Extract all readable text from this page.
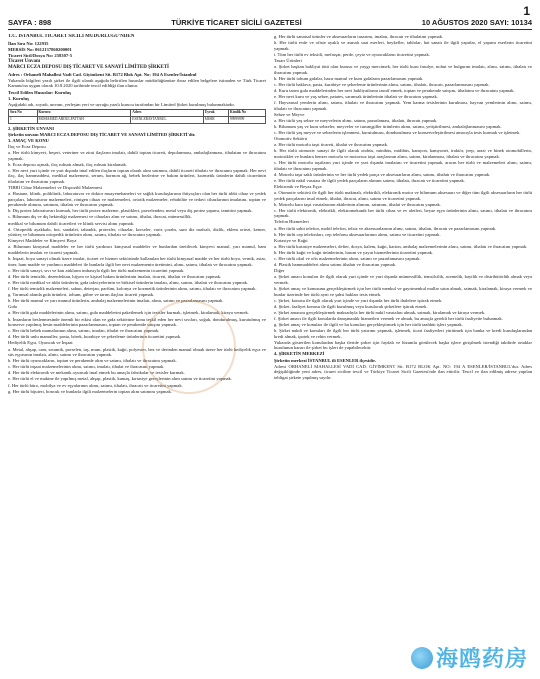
1
SAYFA : 898	TÜRKİYE TİCARET SİCİLİ GAZETESİ	10 AĞUSTOS 2020 SAYI: 10134

T.C. İSTANBUL TİCARET SİCİLİ MÜDÜRLÜĞÜ'NDEN

İlan Sıra No: 122935

MERSİS No: 0612137860200001

Ticaret Sicil/Dosya No: 258307-5

Ticaret Unvanı

MARCI ECZA DEPOSU DIŞ TİCARET VE SANAYİ LİMİTED ŞİRKETİ

Adres : Orhaneli Mahallesi Vadi Cad. Giyimkent Sit. B172 Blok Apt. No: 194 A Esenler/İstanbul

Yukarıda bilgileri yazılı şirket ile ilgili olarak aşağıda belirtilen hususlar müdürlüğümüze ibraz edilen belgelere istinaden ve Türk Ticaret Kanunu'na uygun olarak 10.8.2020 tarihinde tescil edildiği ilan olunur.

Tescil Edilen Hususlar: Kuruluş

1. Kuruluş

Aşağıdaki adı, soyadı, unvanı, yerleşim yeri ve uyruğu yazılı kurucu tarafından bir Limited Şirket kurulmuş bulunmaktadır.

Sıra No	Kurucu	Adres	Uyruk	Kimlik No
1	MOHAMED ABDULFATTAH	ESENLER/İSTANBUL	MISIR	99999999

2. ŞİRKETİN UNVANI

Şirketin unvanı MARCI ECZA DEPOSU DIŞ TİCARET VE SANAYİ LİMİTED ŞİRKETİ'dir.

3. AMAÇ VE KONU

İlaç ve Ecza Deposu

a. Her türlü kimyevi, beşeri, veteriner ve zirai ilaçların imalatı, dahili toptan ticareti, depolanması, ambalajlanması, ithalatını ve ihracatını yapmak.

b. Ecza deposu açmak, ilaç ruhsatı almak, ilaç ruhsatı kiralamak.

c. Her nevi yurt içinde ve yurt dışında imal edilen ilaçların toptan olarak alım satımını, dahili ticareti ithalatı ve ihracatını yapmak. Her nevi ilaç, ilaç hammaddesi, medikal malzemesi, serum, hormon ağ, bebek bezlerine ve bakım ürünleri, kozmetik ürünlerin dahili ticaretinin ithalatını ve ihracatını yapmak.

TIBBİ Cihaz Malzemeleri ve Dispozibl Malzemesi

a. Hastane, klinik, poliklinik, laboratuvar ve doktor muayenehaneleri ve sağlık kuruluşlarının ihtiyaçları olan her türlü tıbbi cihaz ve yedek parçaları, laboratuvar malzemeleri, röntgen cihazı ve malzemeleri, ortotik malzemeler, rehabilite ve tedavi cihazlarının imalatını, toptan ve perakende alımını, satımını, ithalatı ve ihracatını yapmak.

b. Diş protez laboratuvarı kurmak, her türlü protez malzeme, plastikleri, porselenden, metal veya diş protez yapımı, tamirini yapmak.

c. Bilumum diş ve diş hekimliği malzemesi ve cihazları alım ve satımı, ithalat, ihracat, mümessillik.

medikal ve bilumum dahili ticaretleri ve klinik servisi alımı yapmak.

d. Ortopedik ayakkabı, bot, sandalet, tabanlık, protezler, cihazlar, korseler, varis çorabı, suni diz mafsalı, dizlik, eklem ortezi, kemer, yürüteç ve bilumum ortopedik ürünlerin alımı, satımı, ithalatı ve ihracatını yapmak.

Kimyevi Maddeler ve Kimyevi Boya

a. Bilumum kimyasal maddeler ve her türlü yardımcı kimyasal maddeler ve bunlardan üretilecek kimyevi mamul, yarı mamul, ham maddelerin imalatı ve ticareti yapmak.

b. Inşaat, boya sanayi olmak üzere imalat, ticaret ve hizmet sektöründe kullanılan her türlü kimyasal madde ve her türlü boya, vernik, astar, tiner, ham madde ve yardımcı maddeleri ile bunlarla ilgili her nevi malzemenin üretimini, alımı, satımı, ithalatı ve ihracatını yapmak.

c. Her türlü sanayi, sıvı ve katı atıkların imhasıyla ilgili her türlü malzemenin ticaretini yapmak.

d. Her türlü temizlik, dezenfektan, hijyen ve kişisel bakım ürünlerinin imalatı, ticareti, ithalatı ve ihracatını yapmak.

e. Her türlü medikal ve tıbbi ürünlerin, gıda takviyelerinin ve bitkisel ürünlerin imalatı, alımı, satımı, ithalatı ve ihracatını yapmak.

f. Her türlü temizlik malzemeleri, sabun, deterjan, parfüm, kolonya ve kozmetik ürünlerinin alımı, satımı, ithalatı ve ihracatını yapmak.

g. Tarımsal alanda gıda ürünleri, tohum, gübre ve tarım ilaçları ticareti yapmak.

h. Her türlü mamul ve yarı mamul ürünlerin, ambalaj malzemelerinin imalatı, alımı, satımı ve pazarlamasını yapmak.

Gıda

a. Her türlü gıda maddelerinin alımı, satımı, gıda maddelerini paketlemek için tesisler kurmak, işletmek, kiralamak, kiraya vermek.

b. İnsanların beslenmesinde önemli bir etkisi olan ve gıda sektörüne konu teşkil eden her nevi sıvıları, soğuk, dondurulmuş, kurutulmuş ve konserve yapılmış besin maddelerinin pazarlanmasını, toptan ve perakende satışını yapmak.

c. Her türlü bebek mamalarının alımı, satımı, imalatı, ithalat ve ihracatını yapmak.

d. Her türlü unlu mamuller, pasta, börek, kurabiye ve şekerleme ürünlerinin ticaretini yapmak.

Hediyelik Eşya, Oyuncak ve İnşaat

a. Metal, ahşap, cam, seramik, porselen, taş, mum, plastik, kağıt, polyester, bez ve derinden mamul olmak üzere her türlü hediyelik eşya ve süs eşyasının imalatı, alımı, satımı ve ihracatını yapmak.

b. Her türlü oyuncakların, toptan ve perakende alım ve satımı, ithalatı ve ihracatını yapmak.

c. Her türlü inşaat malzemelerinin alımı, satımı, imalatı, ithalat ve ihracatını yapmak.

d. Her türlü elektronik ve mekanik oyuncak imal etmek bu amaçla fabrikalar ve tesisler kurmak.

e. Her türlü el ve makine ile yapılmış metal, ahşap, plastik, kumaş, kırtasiye gereçlerinin alım satımı ve ticaretini yapmak.

f. Her türlü büro, mobilya ve ev eşyalarının alımı, satımı, ithalatı, ihracatı ve ticaretini yapmak.

g. Her türlü bijuteri, boncuk ve bunlarla ilgili malzemelerin toptan alım satımını yapmak.

g. Her türlü sanatsal ürünler ve aksesuarların tasarımı, imalatı, ihracatı ve ithalatını yapmak.

h. Her türlü evde ve ofiste ayaklı ve asmalı saat eserleri, heykeller, tablolar, hat sanatı ile ilgili yapıtlar, el yapımı eserlerin ticaretini yapmak.

i. Tüm her türlü ev tekstili, mefruşat, perde, çeyiz ve oyuncakların ticaretini yapmak.

Tasarı Ürünleri

a. Şirket başkan bakliyat tütü olan kurusu ve yaygı mercimek, her türlü kuru fasulye, nohut ve bulgurun imalatı, alımı, satımı, ithalatı ve ihracatını yapmak.

b. Her türlü tohum gıdalar, hazır mamul ve kuru gıdaların pazarlamasını yapmak.

c. Her türlü baklava, pasta, kurabiye ve şekerleme ürünlerinin alımı, satımı, ithalatı, ihracatı, pazarlanmasını yapmak.

d. Kuru tarım gıda maddelerinden her nevi bakliyatlarını tasnif etmek, toptan ve perakende satışını, ithalatını ve ihracatını yapmak.

e. Her nevi kuru ve yaş sebze, patates, sarımsak ürünlerinin ithalatı ve ihracatını yapmak.

f. Hayvansal yemlerin alımı, satımı, ithalatı ve ihracatını yapmak. Yem karma tesislerinin kurulması, hayvan yemlerinin alımı, satımı, ithalatı ve ihracatını yapmak.

Sebze ve Meyve

a. Her türlü yaş sebze ve meyvelerin alımı, satımı, pazarlaması, ithalatı, ihracatı yapmak.

b. Bilumum yaş ve kuru sebzeler, meyveler ve turunçgiller ürünlerin alımı, satımı, yetiştirilmesi, ambalajlanmasını yapmak.

c. Her türlü yaş meyve ve sebzelerin işlenmesi, kurutulması, dondurulması ve konserveleştirilmesi amacıyla tesis kurmak ve işletmek.

Otomotiv Sektörü

a. Her türlü motorlu taşıt ticareti, ithalat ve ihracatını yapmak.

b. Her türlü otomotiv sanayi ile ilgili olarak otobüs, minibüs, midibüs, kamyon, kamyonet, traktör, jeep, arazi ve binek otomobillerin, motosiklet ve bunlara benzer motorlu ve motorsuz taşıt araçlarının alımı, satımı, kiralanması, ithalatı ve ihracatını yapmak.

c. Her türlü motorlu taşıtların yurt içinde ve yurt dışında imalatını ve ticaretini yapmak, aracın her türlü ve malzemeleri alımı, satımı, ithalatı ve ihracatını yapmak.

d. Motorlu taşıt saklı ürünlerinin ve her türlü yedek parça ve aksesuarların alımı, satımı, ithalatı ve ihracatını yapmak.

e. Her türlü nakil vasıtası ile ilgili yedek parçaların alımını satımı, ithalatı, ihracatı ve ticaretini yapmak.

Elektronik ve Beyaz Eşya

a. Otomotiv sektörü ile ilgili her türlü makinalı, elektrikli, elektronik motor ve bilumum aksesuarı ve diğer tüm ilgili aksesuarların her türlü yedek parçalarını imal etmek, ithalat, ihracat, alımı, satımı ve ticaretini yapmak.

b. Motorlu kara taşıt vasıtalarının akülerinin alımını, satımını, ithalat ve ihracatını yapmak.

c. Her türlü elektronik, elektrikli, elektromekanik her türlü cihaz ve ev aletleri, beyaz eşya ürünlerinin alımı, satımı, ithalatı ve ihracatını yapmak.

Telefon Hizmetleri

a. Her türlü sabit telefon, mobil telefon, telsiz ve aksesuarlarının alımı, satımı, ithalatı, ihracatı ve pazarlamasını yapmak.

b. Her türlü cep telefonları, cep telefonu aksesuarlarının alımı, satımı ve ticaretini yapmak.

Kırtasiye ve Kağıt

a. Her türlü kırtasiye malzemeleri, defter, dosya, kalem, kağıt, karton, ambalaj malzemelerinin alımı, satımı, ithalatı ve ihracatını yapmak.

b. Her türlü kağıt ve kağıt ürünlerinin, basım ve yayın hizmetlerinin ticaretini yapmak.

c. Her türlü okul ve ofis malzemelerinin alımı, satımı ve pazarlamasını yapmak.

d. Plastik hammaddeleri alımı satımı ithalatı ve ihracatını yapmak.

Diğer

a. Şirket amacı konuları ile ilgili olarak yurt içinde ve yurt dışında mümessillik, temsilcilik, acentelik, bayilik ve distribütörlük almak veya vermek.

b. Şirket amaç ve konusunu gerçekleştirmek için her türlü menkul ve gayrimenkul mallar satın almak, satmak, kiralamak, kiraya vermek ve bunlar üzerinde her türlü ayni ve şahsi hakları tesis etmek.

c. Şirket, konusu ile ilgili olarak yurt içinde ve yurt dışında her türlü ihalelere iştirak etmek.

d. Şirket, faaliyet konusu ile ilgili kurulmuş veya kurulacak şirketlere iştirak etmek.

e. Şirket amacını gerçekleştirmek maksadıyla her türlü nakil vasıtaları almak, satmak, kiralamak ve kiraya vermek.

f. Şirket amacı ile ilgili konularda danışmanlık hizmetleri vermek ve almak, bu amaçla gerekli her türlü faaliyette bulunmak.

g. Şirket amaç ve konuları ile ilgili ve bu konuları gerçekleştirmek için her türlü taahhüt işleri yapmak.

h. Şirket nakdi ve konuları ile ilgili her türlü yatırımı yapmak, işletmek, ticari faaliyetleri yürütmek için banka ve kredi kuruluşlarından kredi almak, ipotek ve rehin vermek.

Yukarıda gösterilen konulardan başka ileride şirket için faydalı ve lüzumlu görülecek başka işlere girişilmek istendiği takdirde ortaklar kurulunun kararı ile şirket bu işleri de yapabilecektir.

4. ŞİRKETİN MERKEZİ

Şirketin merkezi İSTANBUL ili ESENLER ilçesidir.

Adresi ORHANELİ MAHALLESİ VADİ CAD. GİYİMKENT Sit. B172 BLOK Apt. NO: 194 A ESENLER/İSTANBUL'dur. Adres değişikliğinde yeni adres, ticaret siciline tescil ve Türkiye Ticaret Sicili Gazetesi'nde ilan ettirilir. Tescil ve ilan edilmiş adrese yapılan tebligat şirkete yapılmış sayılır.

海鸥药房
